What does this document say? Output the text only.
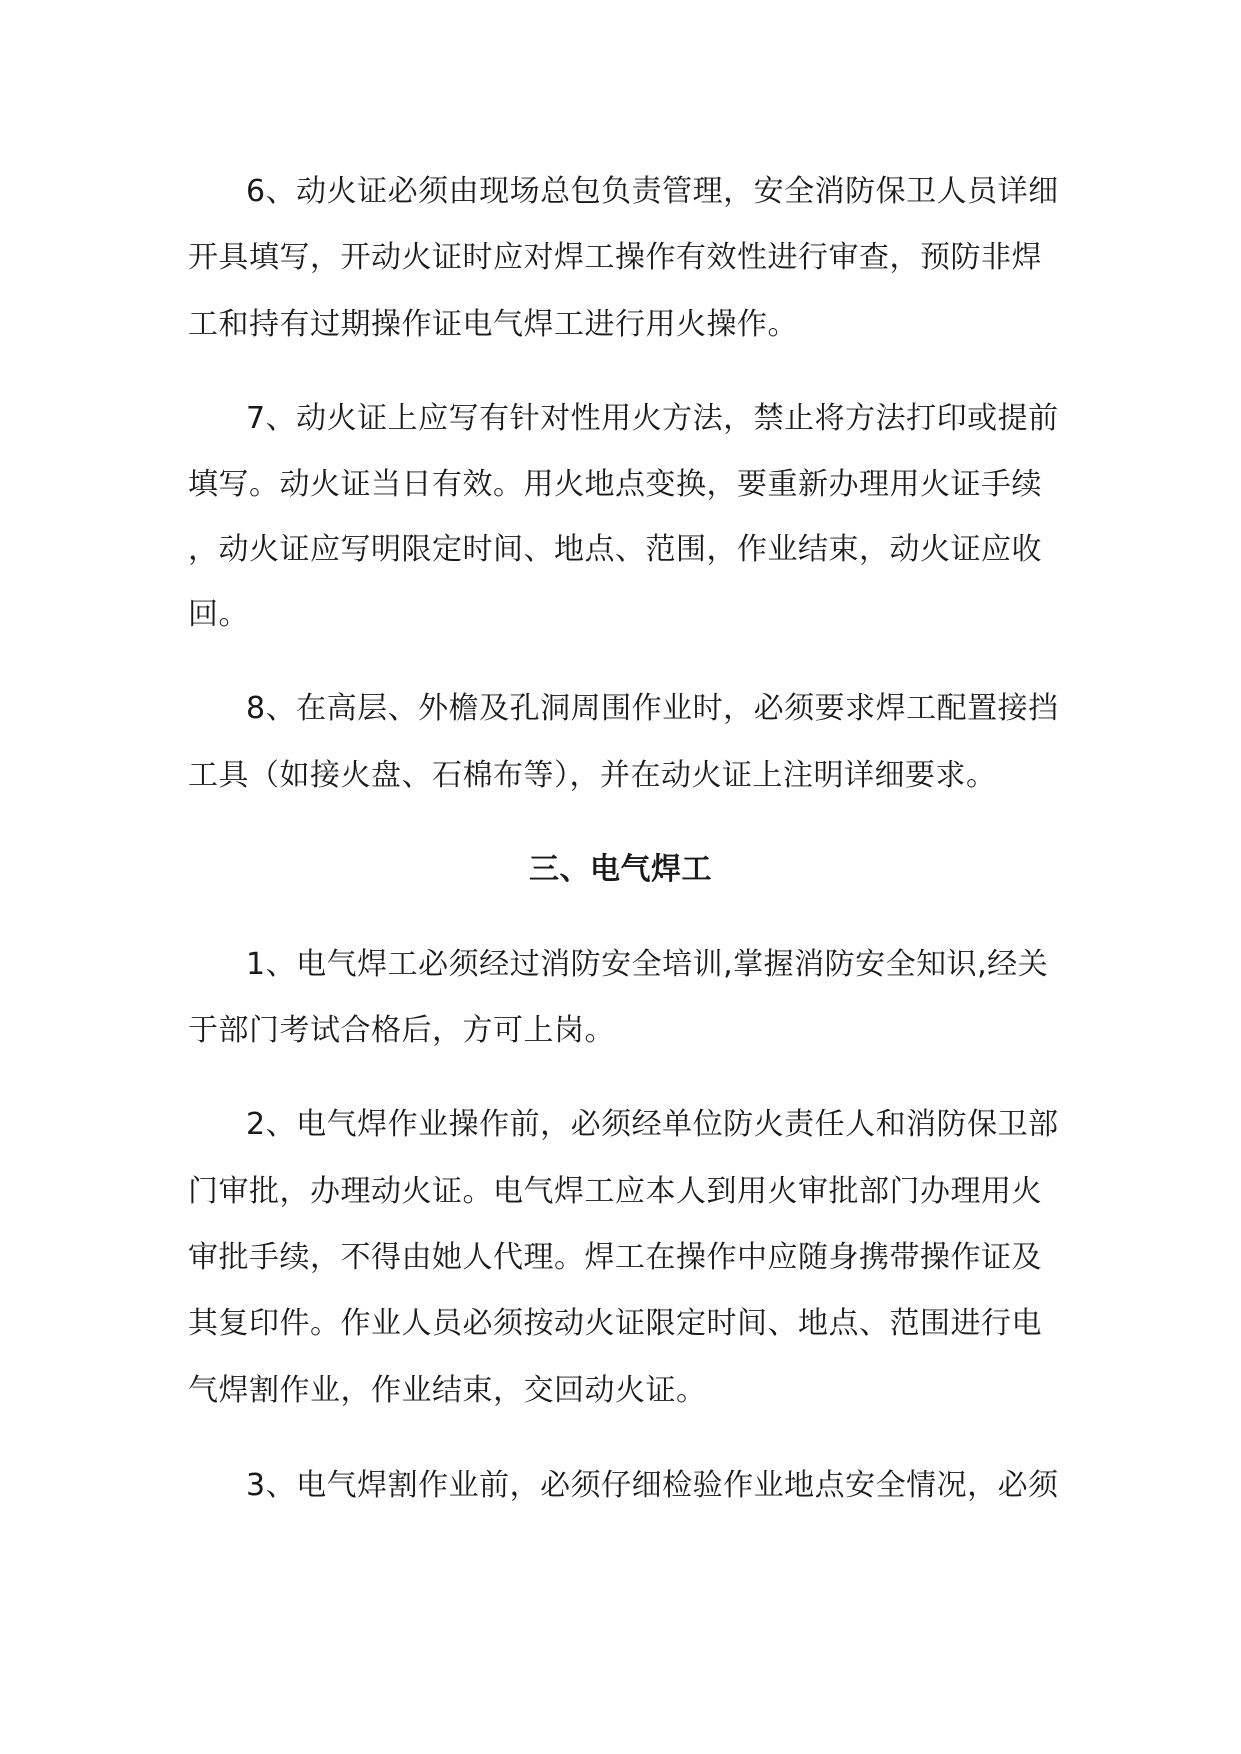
6、动火证必须由现场总包负责管理，安全消防保卫人员详细
开具填写，开动火证时应对焊工操作有效性进行审查，预防非焊
工和持有过期操作证电气焊工进行用火操作。
7、动火证上应写有针对性用火方法，禁止将方法打印或提前
填写。动火证当日有效。用火地点变换，要重新办理用火证手续
，动火证应写明限定时间、地点、范围，作业结束，动火证应收
回。
8、在高层、外檐及孔洞周围作业时，必须要求焊工配置接挡
工具（如接火盘、石棉布等），并在动火证上注明详细要求。
三、电气焊工
1、电气焊工必须经过消防安全培训,掌握消防安全知识,经关
于部门考试合格后，方可上岗。
2、电气焊作业操作前，必须经单位防火责任人和消防保卫部
门审批，办理动火证。电气焊工应本人到用火审批部门办理用火
审批手续，不得由她人代理。焊工在操作中应随身携带操作证及
其复印件。作业人员必须按动火证限定时间、地点、范围进行电
气焊割作业，作业结束，交回动火证。
3、电气焊割作业前，必须仔细检验作业地点安全情况，必须
